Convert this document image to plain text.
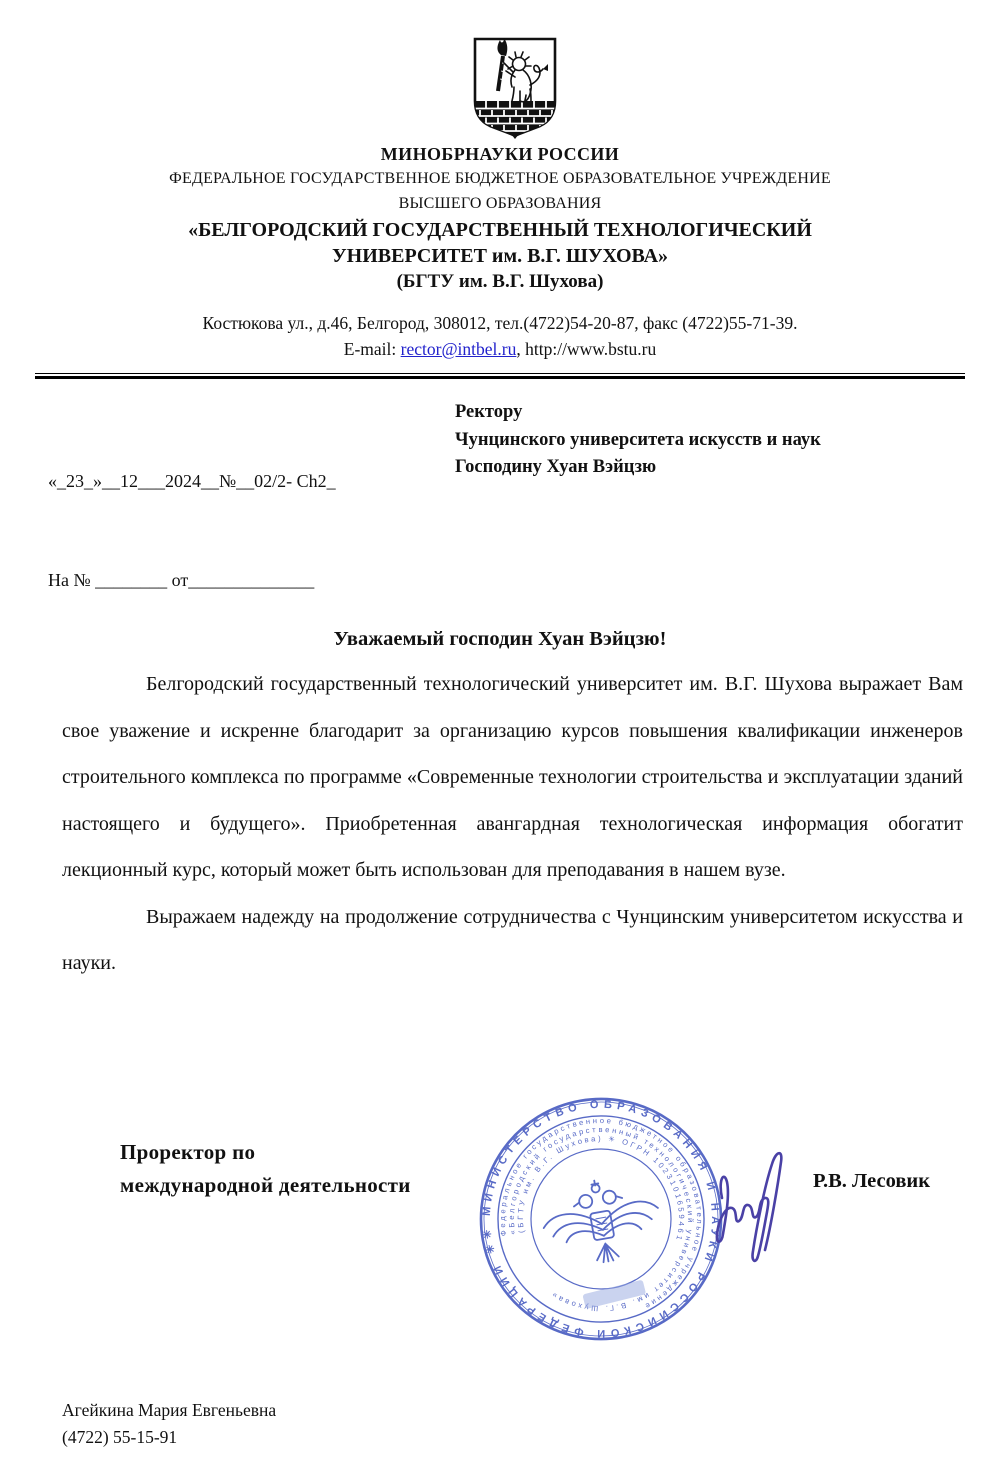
МИНОБРНАУКИ РОССИИ
ФЕДЕРАЛЬНОЕ ГОСУДАРСТВЕННОЕ БЮДЖЕТНОЕ ОБРАЗОВАТЕЛЬНОЕ УЧРЕЖДЕНИЕ
ВЫСШЕГО ОБРАЗОВАНИЯ
«БЕЛГОРОДСКИЙ ГОСУДАРСТВЕННЫЙ ТЕХНОЛОГИЧЕСКИЙ
УНИВЕРСИТЕТ им. В.Г. ШУХОВА»
(БГТУ им. В.Г. Шухова)
Костюкова ул., д.46, Белгород, 308012, тел.(4722)54-20-87, факс (4722)55-71-39.
E-mail: rector@intbel.ru, http://www.bstu.ru

«_23_»__12___2024__№__02/2- Ch2_

На № ________ от______________

Ректору
Чунцинского университета искусств и наук
Господину Хуан Вэйцзю
Уважаемый господин Хуан Вэйцзю!

Белгородский государственный технологический университет им. В.Г. Шухова выражает Вам свое уважение и искренне благодарит за организацию курсов повышения квалификации инженеров строительного комплекса по программе «Современные технологии строительства и эксплуатации зданий настоящего и будущего». Приобретенная авангардная технологическая информация обогатит лекционный курс, который может быть использован для преподавания в нашем вузе.

Выражаем надежду на продолжение сотрудничества с Чунцинским университетом искусства и науки.

Проректор по
международной деятельности	Р.В. Лесовик
✳ МИНИСТЕРСТВО ОБРАЗОВАНИЯ И НАУКИ РОССИЙСКОЙ ФЕДЕРАЦИИ ✳
Федеральное государственное бюджетное образовательное учреждение
«Белгородский государственный технологический университет им. В.Г. Шухова»
(БГТУ им. В.Г. Шухова) ✳ ОГРН 1023101659461
Агейкина Мария Евгеньевна
(4722) 55-15-91
